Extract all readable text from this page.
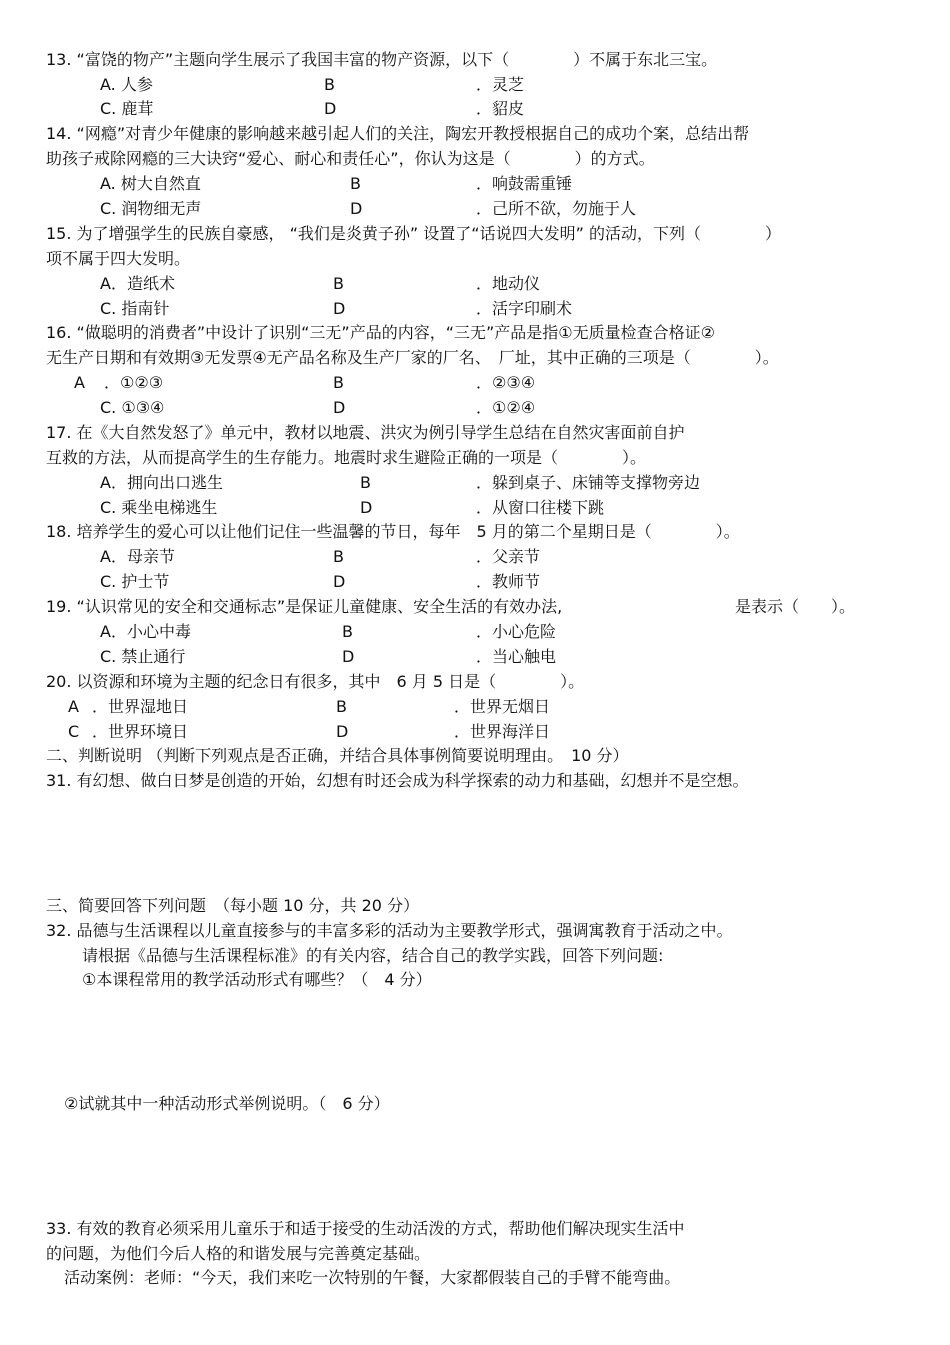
13. “富饶的物产”主题向学生展示了我国丰富的物产资源，以下（　　　　）不属于东北三宝。
A. 人参	B	．灵芝
C. 鹿茸	D	．貂皮
14. “网瘾”对青少年健康的影响越来越引起人们的关注，陶宏开教授根据自己的成功个案，总结出帮
助孩子戒除网瘾的三大诀窍“爱心、耐心和责任心”，你认为这是（　　　　）的方式。
A. 树大自然直	B	．响鼓需重锤
C. 润物细无声	D	．己所不欲，勿施于人
15. 为了增强学生的民族自豪感， “我们是炎黄子孙” 设置了“话说四大发明” 的活动，下列（　　　　）
项不属于四大发明。
A．造纸术	B	．地动仪
C. 指南针	D	．活字印刷术
16. “做聪明的消费者”中设计了识别“三无”产品的内容，“三无”产品是指①无质量检查合格证②
无生产日期和有效期③无发票④无产品名称及生产厂家的厂名、　厂址，其中正确的三项是（　　　　）。
A ．①②③	B	．②③④
C. ①③④	D	．①②④
17. 在《大自然发怒了》单元中，教材以地震、洪灾为例引导学生总结在自然灾害面前自护
互救的方法，从而提高学生的生存能力。地震时求生避险正确的一项是（　　　　）。
A．拥向出口逃生	B	．躲到桌子、床铺等支撑物旁边
C. 乘坐电梯逃生	D	．从窗口往楼下跳
18. 培养学生的爱心可以让他们记住一些温馨的节日，每年　5 月的第二个星期日是（　　　　）。
A．母亲节	B	．父亲节
C. 护士节	D	．教师节
19. “认识常见的安全和交通标志”是保证儿童健康、安全生活的有效办法,	是表示（　　）。
A．小心中毒	B	．小心危险
C. 禁止通行	D	．当心触电
20. 以资源和环境为主题的纪念日有很多，其中　6 月 5 日是（　　　　）。
A ．世界湿地日	B	．世界无烟日
C ．世界环境日	D	．世界海洋日
二、判断说明 （判断下列观点是否正确，并结合具体事例简要说明理由。　10 分）
31. 有幻想、做白日梦是创造的开始，幻想有时还会成为科学探索的动力和基础，幻想并不是空想。
三、简要回答下列问题　（每小题 10 分，共 20 分）
32. 品德与生活课程以儿童直接参与的丰富多彩的活动为主要教学形式，强调寓教育于活动之中。
请根据《品德与生活课程标准》的有关内容，结合自己的教学实践，回答下列问题:
①本课程常用的教学活动形式有哪些？（　4 分）
②试就其中一种活动形式举例说明。（　6 分）
33. 有效的教育必须采用儿童乐于和适于接受的生动活泼的方式，帮助他们解决现实生活中
的问题，为他们今后人格的和谐发展与完善奠定基础。
活动案例：老师：“今天，我们来吃一次特别的午餐，大家都假装自己的手臂不能弯曲。
